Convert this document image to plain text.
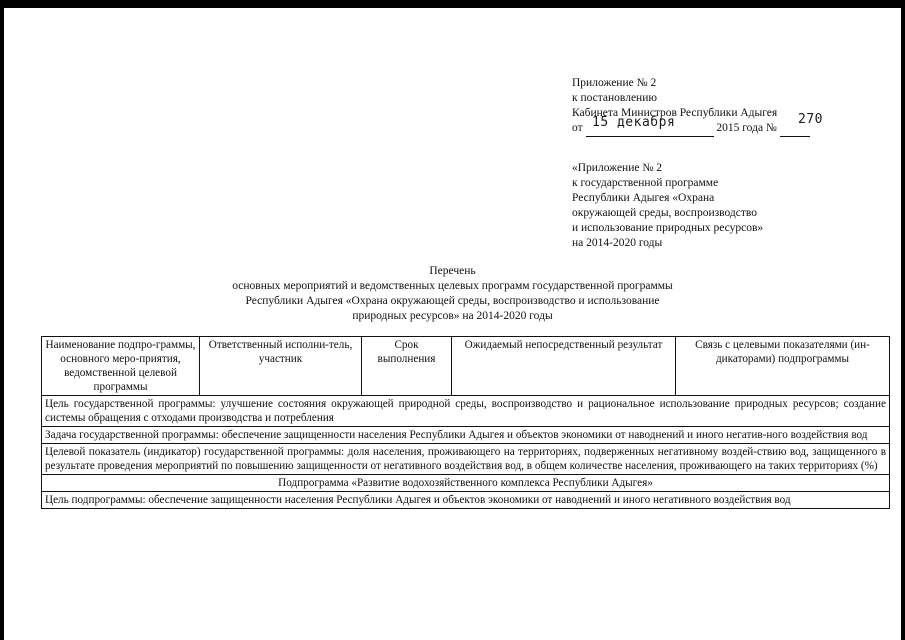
Приложение № 2
к постановлению
Кабинета Министров Республики Адыгея
от	2015 года №
15 декабря	270
«Приложение № 2
к государственной программе
Республики Адыгея «Охрана
окружающей среды, воспроизводство
и использование природных ресурсов»
на 2014-2020 годы
Перечень
основных мероприятий и ведомственных целевых программ государственной программы
Республики Адыгея «Охрана окружающей среды, воспроизводство и использование
природных ресурсов» на 2014-2020 годы
Наименование подпро-граммы, основного меро-приятия, ведомственной целевой программы	Ответственный исполни-тель, участник	Срок выполнения	Ожидаемый непосредственный результат	Связь с целевыми показателями (ин-дикаторами) подпрограммы
Цель государственной программы: улучшение состояния окружающей природной среды, воспроизводство и рациональное использование природных ресурсов; создание системы обращения с отходами производства и потребления
Задача государственной программы: обеспечение защищенности населения Республики Адыгея и объектов экономики от наводнений и иного негатив-ного воздействия вод
Целевой показатель (индикатор) государственной программы: доля населения, проживающего на территориях, подверженных негативному воздей-ствию вод, защищенного в результате проведения мероприятий по повышению защищенности от негативного воздействия вод, в общем количестве населения, проживающего на таких территориях (%)
Подпрограмма «Развитие водохозяйственного комплекса Республики Адыгея»
Цель подпрограммы: обеспечение защищенности населения Республики Адыгея и объектов экономики от наводнений и иного негативного воздействия вод
